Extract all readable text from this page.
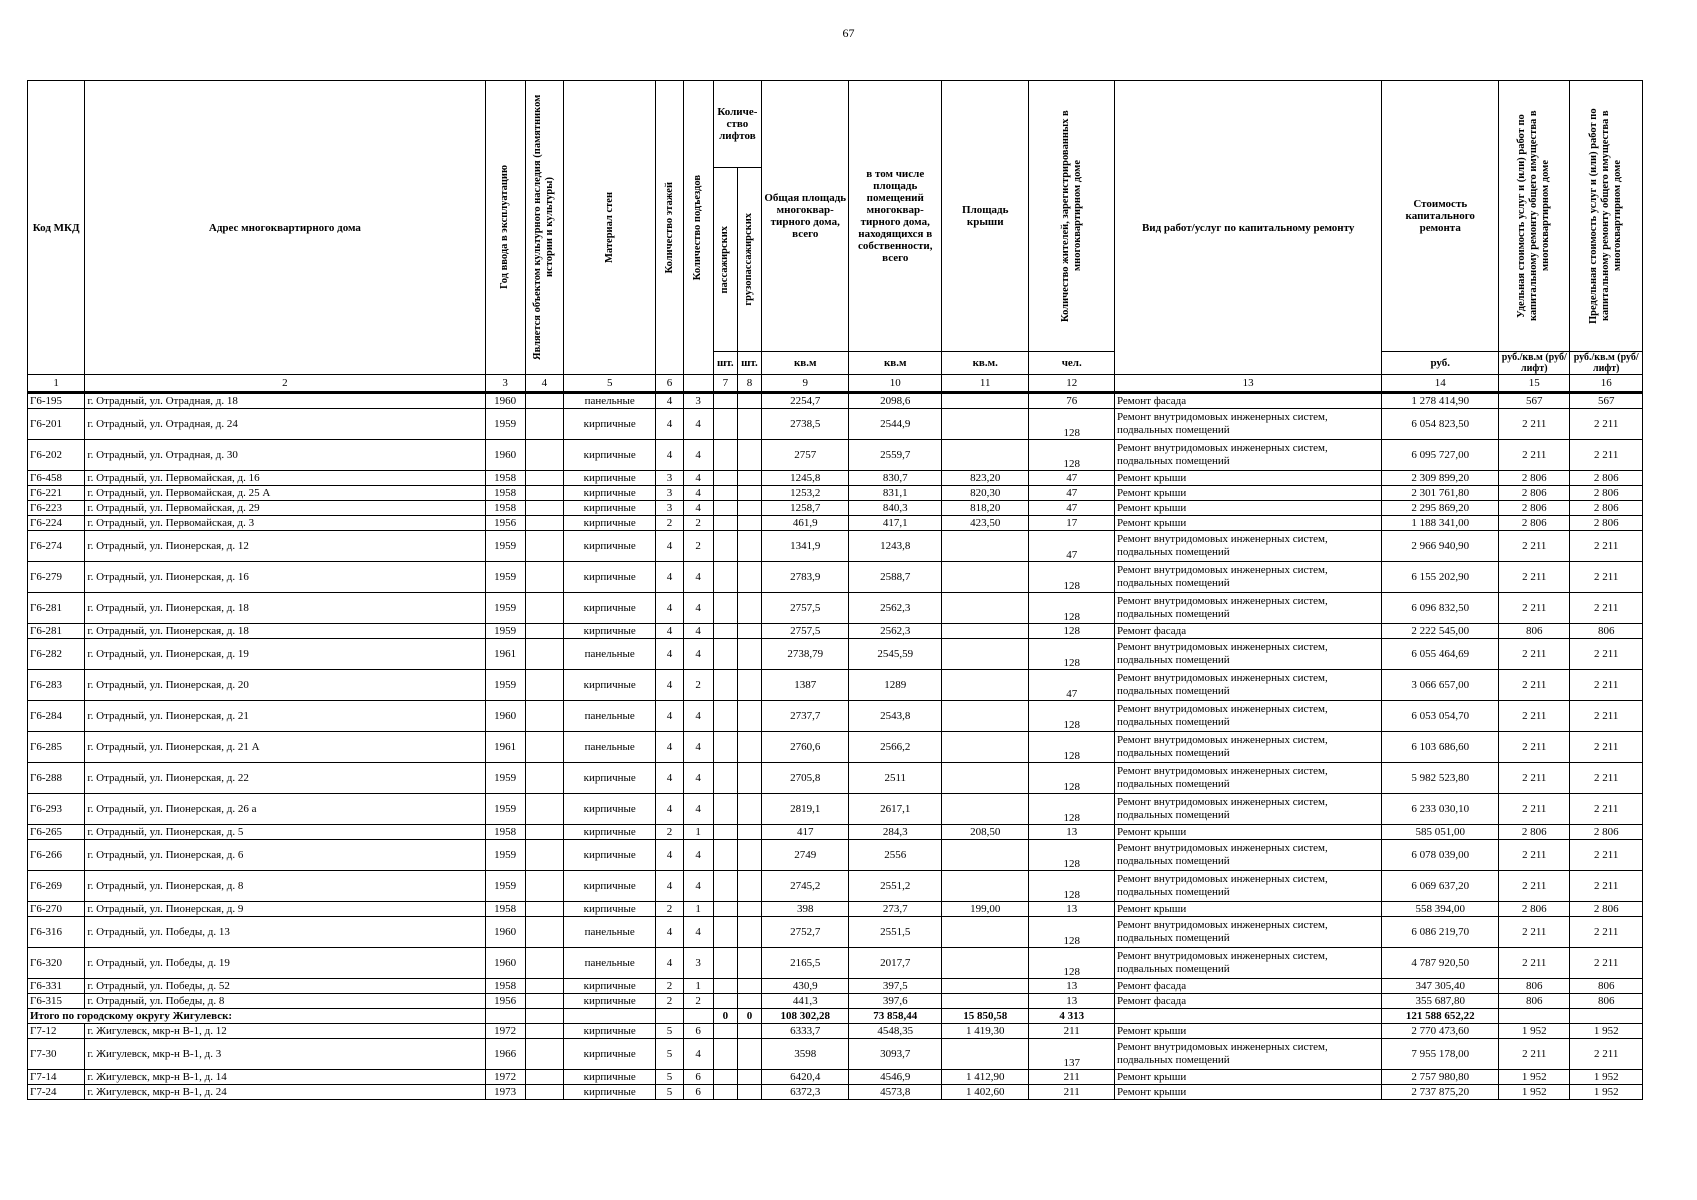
67
Код МКД	Адрес многоквартирного дома	Год ввода в эксплуатацию	Является объектом культурного наследия (памятником истории и культуры)	Материал стен	Количество этажей	Количество подъездов	Количе-ство лифтов		Общая площадь многоквар-тирного дома, всего	в том числе площадь помещений многоквар-тирного дома, находящихся в собственности, всего	Площадь крыши	Количество жителей, зарегистрированных в многоквартирном доме	Вид работ/услуг по капитальному ремонту	Стоимость капитального ремонта	Удельная стоимость услуг и (или) работ по капитальному ремонту общего имущества в многоквартирном доме	Предельная стоимость услуг и (или) работ по капитальному ремонту общего имущества в многоквартирном доме

							пассажирских	грузопассажирских								

							шт.	шт.	кв.м	кв.м	кв.м.	чел.		руб.	руб./кв.м (руб/лифт)	руб./кв.м (руб/лифт)
1	2	3	4	5	6		7	8	9	10	11	12	13	14	15	16
Г6-195	г. Отрадный, ул. Отрадная, д. 18	1960		панельные	4	3			2254,7	2098,6		76	Ремонт фасада	1 278 414,90	567	567
Г6-201	г. Отрадный, ул. Отрадная, д. 24	1959		кирпичные	4	4			2738,5	2544,9		128	Ремонт внутридомовых инженерных систем, подвальных помещений	6 054 823,50	2 211	2 211
Г6-202	г. Отрадный, ул. Отрадная, д. 30	1960		кирпичные	4	4			2757	2559,7		128	Ремонт внутридомовых инженерных систем, подвальных помещений	6 095 727,00	2 211	2 211
Г6-458	г. Отрадный, ул. Первомайская, д. 16	1958		кирпичные	3	4			1245,8	830,7	823,20	47	Ремонт крыши	2 309 899,20	2 806	2 806
Г6-221	г. Отрадный, ул. Первомайская, д. 25 А	1958		кирпичные	3	4			1253,2	831,1	820,30	47	Ремонт крыши	2 301 761,80	2 806	2 806
Г6-223	г. Отрадный, ул. Первомайская, д. 29	1958		кирпичные	3	4			1258,7	840,3	818,20	47	Ремонт крыши	2 295 869,20	2 806	2 806
Г6-224	г. Отрадный, ул. Первомайская, д. 3	1956		кирпичные	2	2			461,9	417,1	423,50	17	Ремонт крыши	1 188 341,00	2 806	2 806
Г6-274	г. Отрадный, ул. Пионерская, д. 12	1959		кирпичные	4	2			1341,9	1243,8		47	Ремонт внутридомовых инженерных систем, подвальных помещений	2 966 940,90	2 211	2 211
Г6-279	г. Отрадный, ул. Пионерская, д. 16	1959		кирпичные	4	4			2783,9	2588,7		128	Ремонт внутридомовых инженерных систем, подвальных помещений	6 155 202,90	2 211	2 211
Г6-281	г. Отрадный, ул. Пионерская, д. 18	1959		кирпичные	4	4			2757,5	2562,3		128	Ремонт внутридомовых инженерных систем, подвальных помещений	6 096 832,50	2 211	2 211
Г6-281	г. Отрадный, ул. Пионерская, д. 18	1959		кирпичные	4	4			2757,5	2562,3		128	Ремонт фасада	2 222 545,00	806	806
Г6-282	г. Отрадный, ул. Пионерская, д. 19	1961		панельные	4	4			2738,79	2545,59		128	Ремонт внутридомовых инженерных систем, подвальных помещений	6 055 464,69	2 211	2 211
Г6-283	г. Отрадный, ул. Пионерская, д. 20	1959		кирпичные	4	2			1387	1289		47	Ремонт внутридомовых инженерных систем, подвальных помещений	3 066 657,00	2 211	2 211
Г6-284	г. Отрадный, ул. Пионерская, д. 21	1960		панельные	4	4			2737,7	2543,8		128	Ремонт внутридомовых инженерных систем, подвальных помещений	6 053 054,70	2 211	2 211
Г6-285	г. Отрадный, ул. Пионерская, д. 21 А	1961		панельные	4	4			2760,6	2566,2		128	Ремонт внутридомовых инженерных систем, подвальных помещений	6 103 686,60	2 211	2 211
Г6-288	г. Отрадный, ул. Пионерская, д. 22	1959		кирпичные	4	4			2705,8	2511		128	Ремонт внутридомовых инженерных систем, подвальных помещений	5 982 523,80	2 211	2 211
Г6-293	г. Отрадный, ул. Пионерская, д. 26 а	1959		кирпичные	4	4			2819,1	2617,1		128	Ремонт внутридомовых инженерных систем, подвальных помещений	6 233 030,10	2 211	2 211
Г6-265	г. Отрадный, ул. Пионерская, д. 5	1958		кирпичные	2	1			417	284,3	208,50	13	Ремонт крыши	585 051,00	2 806	2 806
Г6-266	г. Отрадный, ул. Пионерская, д. 6	1959		кирпичные	4	4			2749	2556		128	Ремонт внутридомовых инженерных систем, подвальных помещений	6 078 039,00	2 211	2 211
Г6-269	г. Отрадный, ул. Пионерская, д. 8	1959		кирпичные	4	4			2745,2	2551,2		128	Ремонт внутридомовых инженерных систем, подвальных помещений	6 069 637,20	2 211	2 211
Г6-270	г. Отрадный, ул. Пионерская, д. 9	1958		кирпичные	2	1			398	273,7	199,00	13	Ремонт крыши	558 394,00	2 806	2 806
Г6-316	г. Отрадный, ул. Победы, д. 13	1960		панельные	4	4			2752,7	2551,5		128	Ремонт внутридомовых инженерных систем, подвальных помещений	6 086 219,70	2 211	2 211
Г6-320	г. Отрадный, ул. Победы, д. 19	1960		панельные	4	3			2165,5	2017,7		128	Ремонт внутридомовых инженерных систем, подвальных помещений	4 787 920,50	2 211	2 211
Г6-331	г. Отрадный, ул. Победы, д. 52	1958		кирпичные	2	1			430,9	397,5		13	Ремонт фасада	347 305,40	806	806
Г6-315	г. Отрадный, ул. Победы, д. 8	1956		кирпичные	2	2			441,3	397,6		13	Ремонт фасада	355 687,80	806	806
Итого по городскому округу Жигулевск:							0	0	108 302,28	73 858,44	15 850,58	4 313		121 588 652,22		
Г7-12	г. Жигулевск, мкр-н В-1, д. 12	1972		кирпичные	5	6			6333,7	4548,35	1 419,30	211	Ремонт крыши	2 770 473,60	1 952	1 952
Г7-30	г. Жигулевск, мкр-н В-1, д. 3	1966		кирпичные	5	4			3598	3093,7		137	Ремонт внутридомовых инженерных систем, подвальных помещений	7 955 178,00	2 211	2 211
Г7-14	г. Жигулевск, мкр-н В-1, д. 14	1972		кирпичные	5	6			6420,4	4546,9	1 412,90	211	Ремонт крыши	2 757 980,80	1 952	1 952
Г7-24	г. Жигулевск, мкр-н В-1, д. 24	1973		кирпичные	5	6			6372,3	4573,8	1 402,60	211	Ремонт крыши	2 737 875,20	1 952	1 952
